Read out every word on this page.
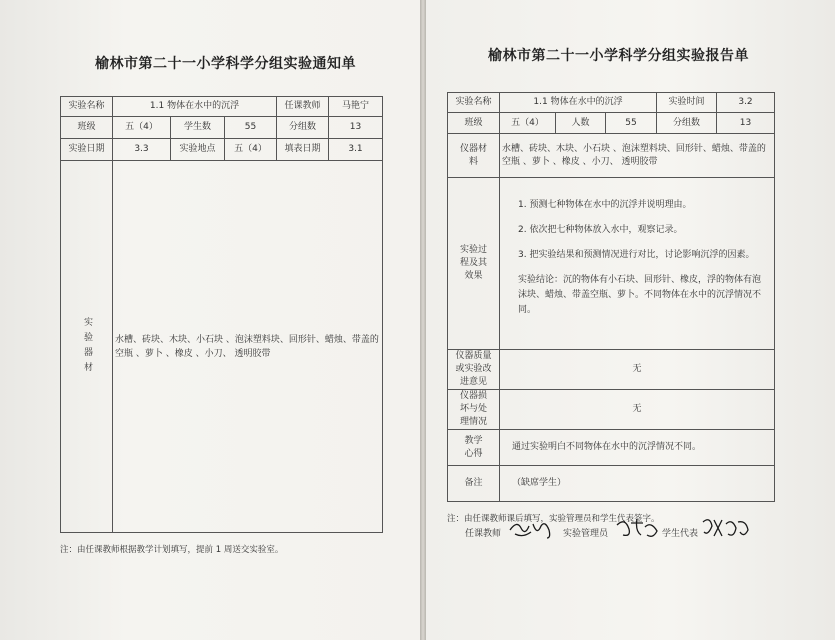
榆林市第二十一小学科学分组实验通知单
实验名称	1.1 物体在水中的沉浮			任课教师	马艳宁
班级	五（4）	学生数	55	分组数	13
实验日期	3.3	实验地点	五（4）	填表日期	3.1
实验器材	水槽、砖块、木块、小石块 、泡沫塑料块、回形针、蜡烛、带盖的空瓶 、萝卜 、橡皮 、小刀、 透明胶带				
注：由任课教师根据教学计划填写，提前 1 周送交实验室。
榆林市第二十一小学科学分组实验报告单
实验名称	1.1 物体在水中的沉浮			实验时间	3.2
班级	五（4）	人数	55	分组数	13
仪器材料	水槽、砖块、木块、小石块 、泡沫塑料块、回形针、蜡烛、带盖的空瓶 、萝卜 、橡皮 、小刀、 透明胶带				
实验过程及其效果	1. 预测七种物体在水中的沉浮并说明理由。

2. 依次把七种物体放入水中，观察记录。

3. 把实验结果和预测情况进行对比，讨论影响沉浮的因素。

实验结论：沉的物体有小石块、回形针、橡皮，浮的物体有泡沫块、蜡烛、带盖空瓶、萝卜。不同物体在水中的沉浮情况不同。				

仪器质量或实验改进意见	无				
仪器损坏与处理情况	无				
教学心得	通过实验明白不同物体在水中的沉浮情况不同。				
备注	（缺席学生）				
注：由任课教师课后填写，实验管理员和学生代表签字。
任课教师	实验管理员	学生代表
